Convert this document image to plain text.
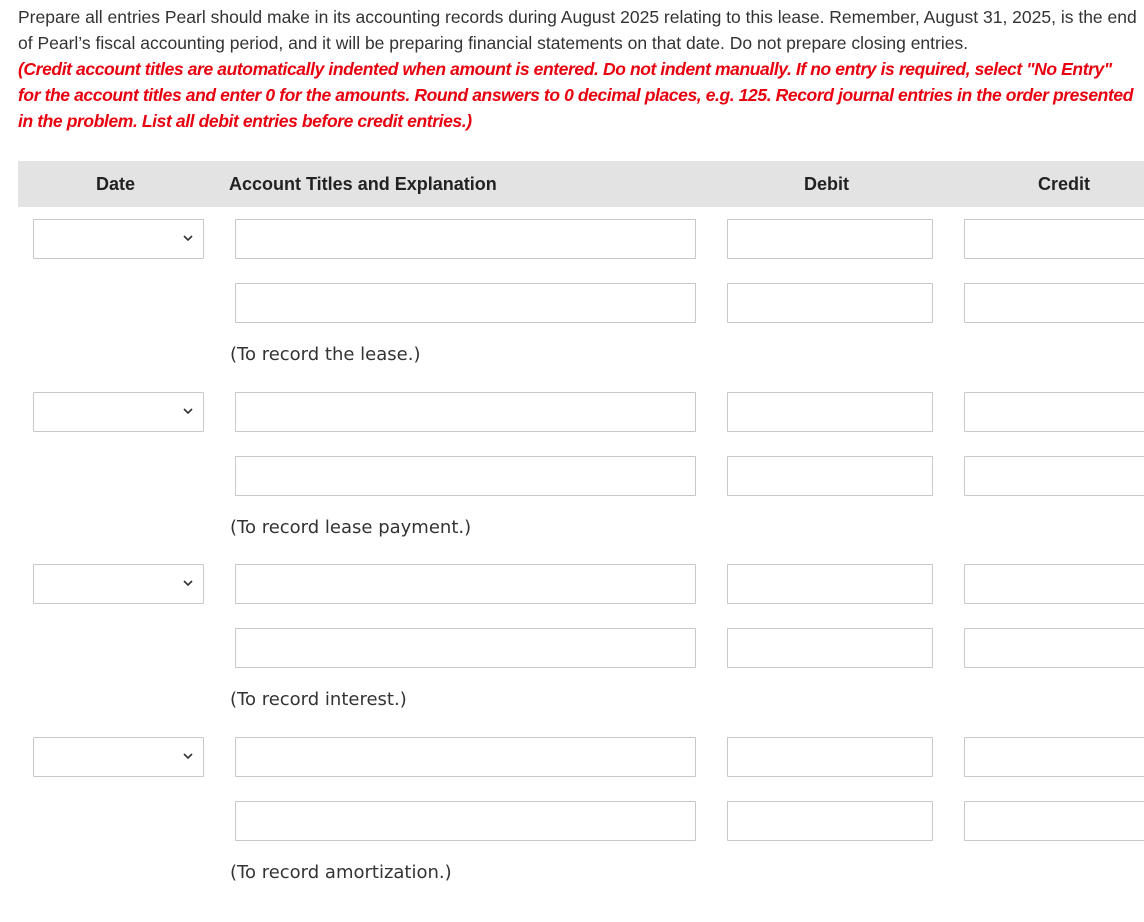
Prepare all entries Pearl should make in its accounting records during August 2025 relating to this lease. Remember, August 31, 2025, is the end of Pearl’s fiscal accounting period, and it will be preparing financial statements on that date. Do not prepare closing entries.
(Credit account titles are automatically indented when amount is entered. Do not indent manually. If no entry is required, select "No Entry" for the account titles and enter 0 for the amounts. Round answers to 0 decimal places, e.g. 125. Record journal entries in the order presented in the problem. List all debit entries before credit entries.)
Date	Account Titles and Explanation	Debit	Credit
(To record the lease.)
(To record lease payment.)
(To record interest.)
(To record amortization.)
